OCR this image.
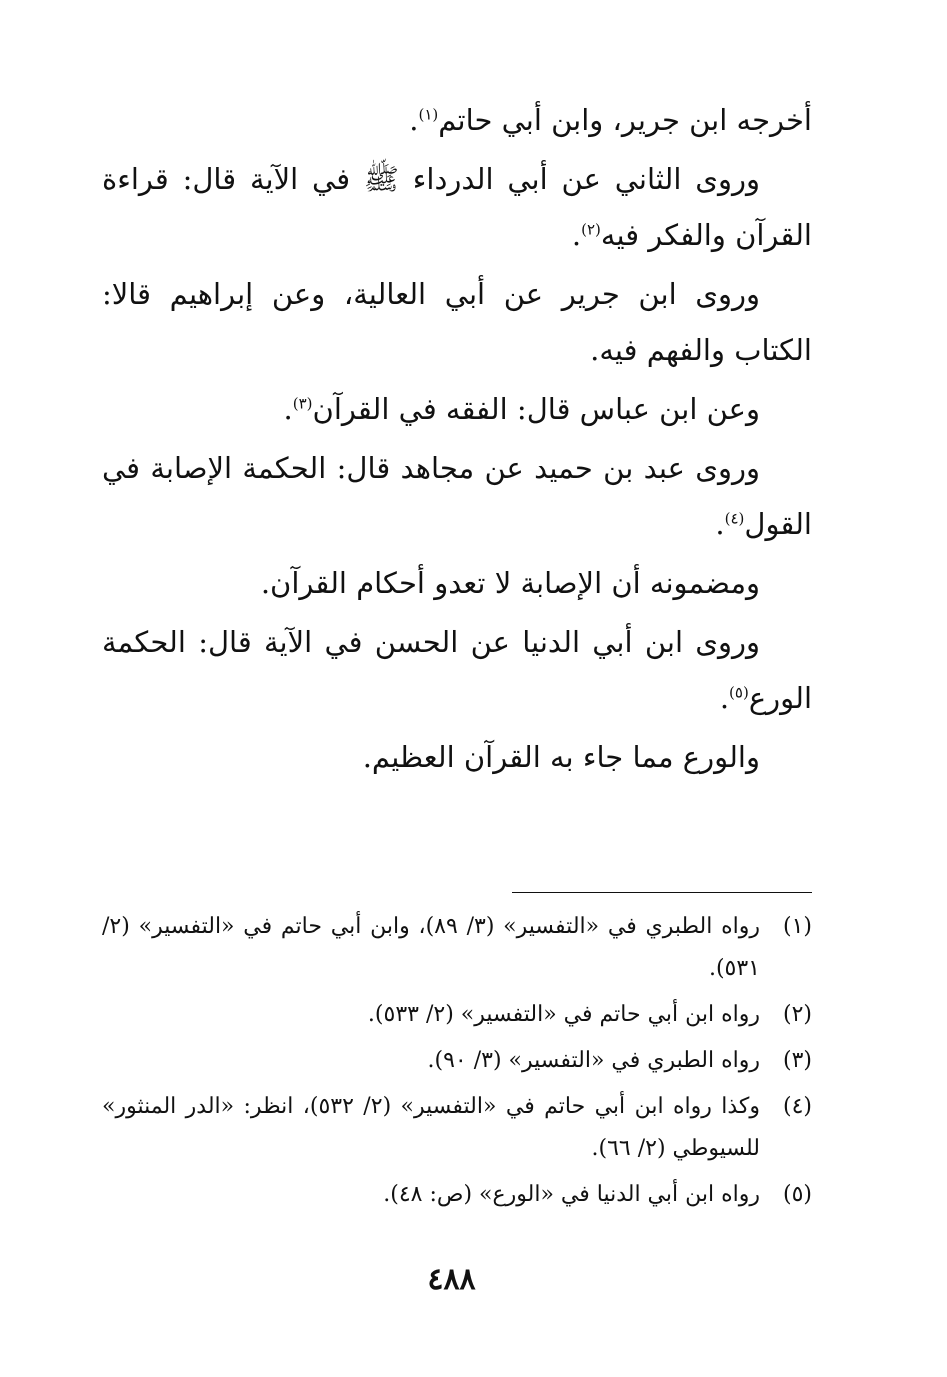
أخرجه ابن جرير، وابن أبي حاتم$^{(١)}$.

وروى الثاني عن أبي الدرداء ﷺ في الآية قال: قراءة القرآن والفكر فيه$^{(٢)}$.

وروى ابن جرير عن أبي العالية، وعن إبراهيم قالا: الكتاب والفهم فيه.

وعن ابن عباس قال: الفقه في القرآن$^{(٣)}$.

وروى عبد بن حميد عن مجاهد قال: الحكمة الإصابة في القول$^{(٤)}$.

ومضمونه أن الإصابة لا تعدو أحكام القرآن.

وروى ابن أبي الدنيا عن الحسن في الآية قال: الحكمة الورع$^{(٥)}$.

والورع مما جاء به القرآن العظيم.

(١)
رواه الطبري في «التفسير» (٣/ ٨٩)، وابن أبي حاتم في «التفسير» (٢/ ٥٣١).
(٢)
رواه ابن أبي حاتم في «التفسير» (٢/ ٥٣٣).
(٣)
رواه الطبري في «التفسير» (٣/ ٩٠).
(٤)
وكذا رواه ابن أبي حاتم في «التفسير» (٢/ ٥٣٢)، انظر: «الدر المنثور» للسيوطي (٢/ ٦٦).
(٥)
رواه ابن أبي الدنيا في «الورع» (ص: ٤٨).
٤٨٨
